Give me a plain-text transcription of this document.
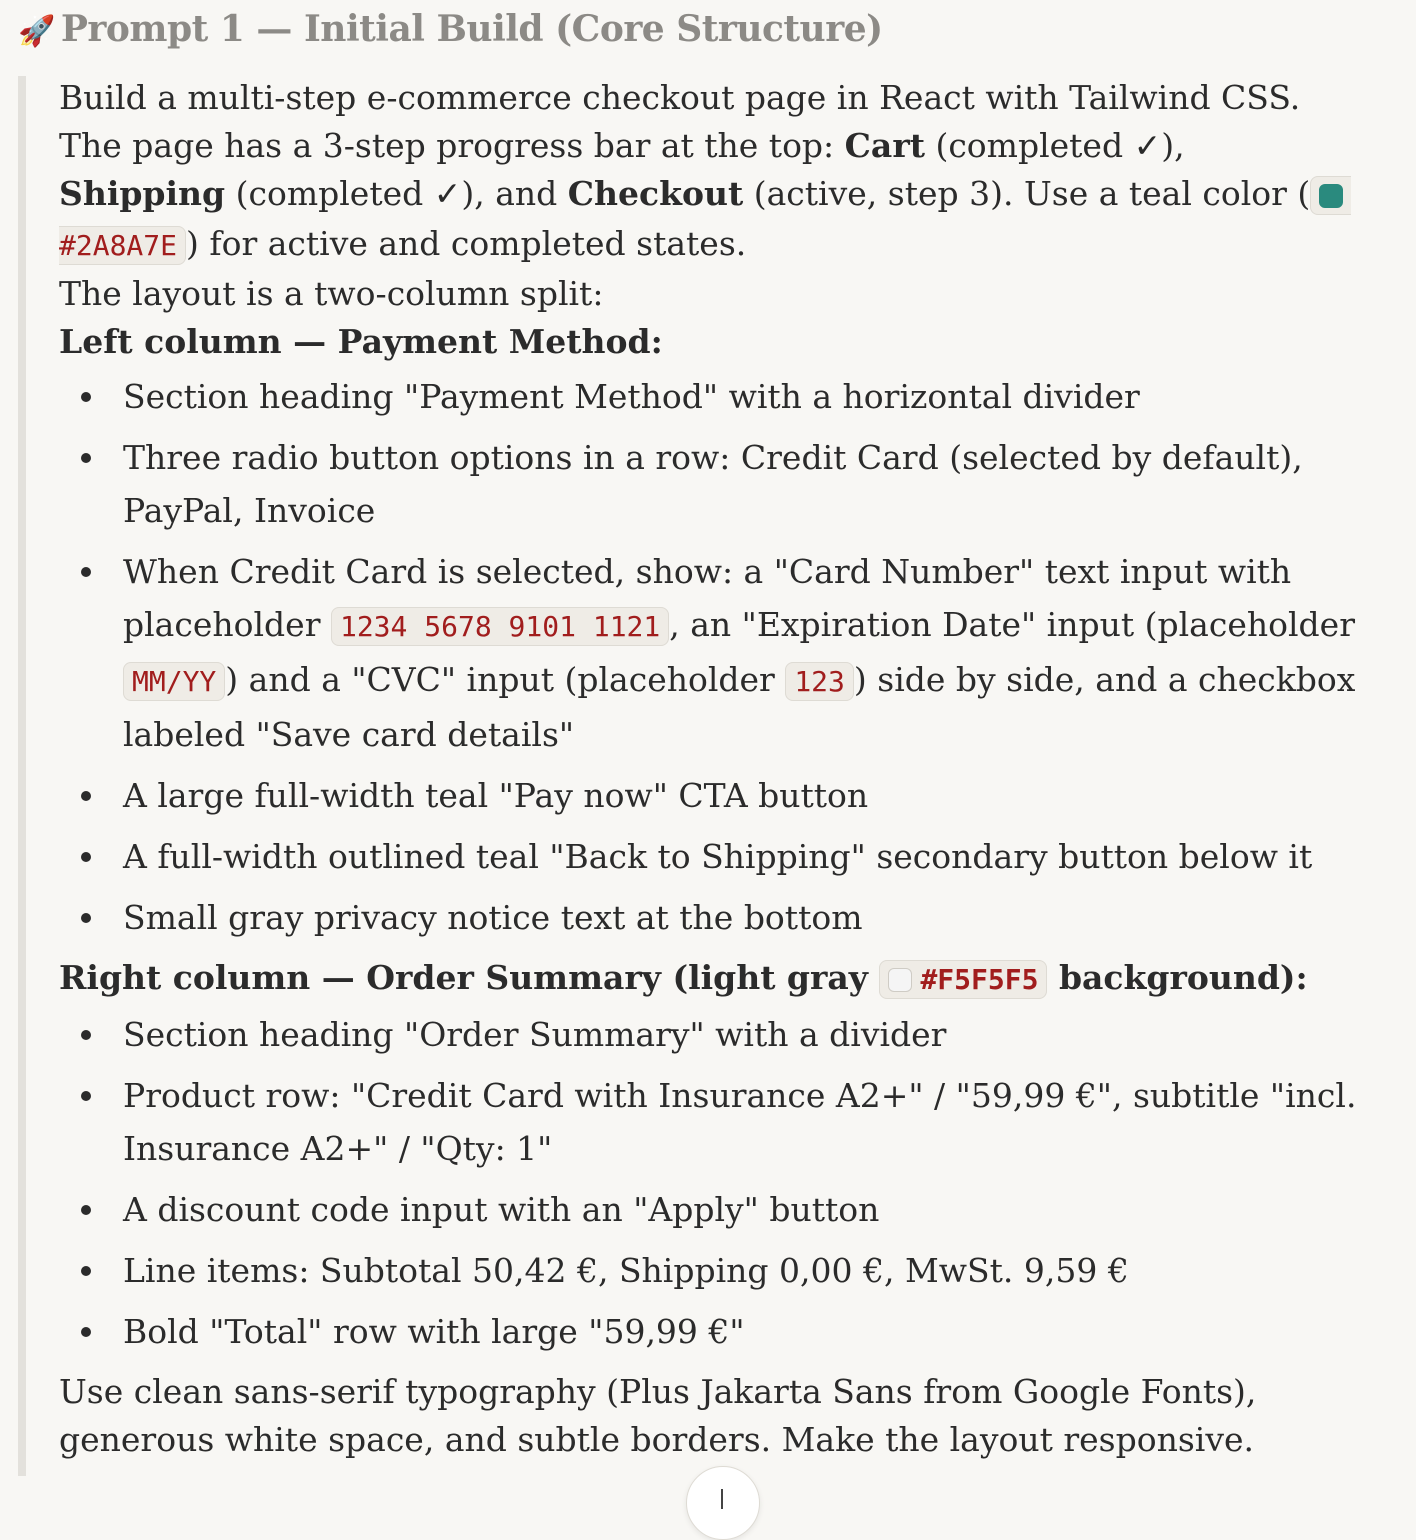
🚀 Prompt 1 — Initial Build (Core Structure)

Build a multi-step e-commerce checkout page in React with Tailwind CSS. The page has a 3-step progress bar at the top: Cart (completed ✓), Shipping (completed ✓), and Checkout (active, step 3). Use a teal color (#2A8A7E ) for active and completed states.

The layout is a two-column split:

Left column — Payment Method:

Section heading "Payment Method" with a horizontal divider
Three radio button options in a row: Credit Card (selected by default), PayPal, Invoice
When Credit Card is selected, show: a "Card Number" text input with placeholder 1234 5678 9101 1121 , an "Expiration Date" input (placeholder MM/YY ) and a "CVC" input (placeholder 123 ) side by side, and a checkbox labeled "Save card details"
A large full-width teal "Pay now" CTA button
A full-width outlined teal "Back to Shipping" secondary button below it
Small gray privacy notice text at the bottom

Right column — Order Summary (light gray #F5F5F5 background):

Section heading "Order Summary" with a divider
Product row: "Credit Card with Insurance A2+" / "59,99 €", subtitle "incl. Insurance A2+" / "Qty: 1"
A discount code input with an "Apply" button
Line items: Subtotal 50,42 €, Shipping 0,00 €, MwSt. 9,59 €
Bold "Total" row with large "59,99 €"

Use clean sans-serif typography (Plus Jakarta Sans from Google Fonts), generous white space, and subtle borders. Make the layout responsive.
